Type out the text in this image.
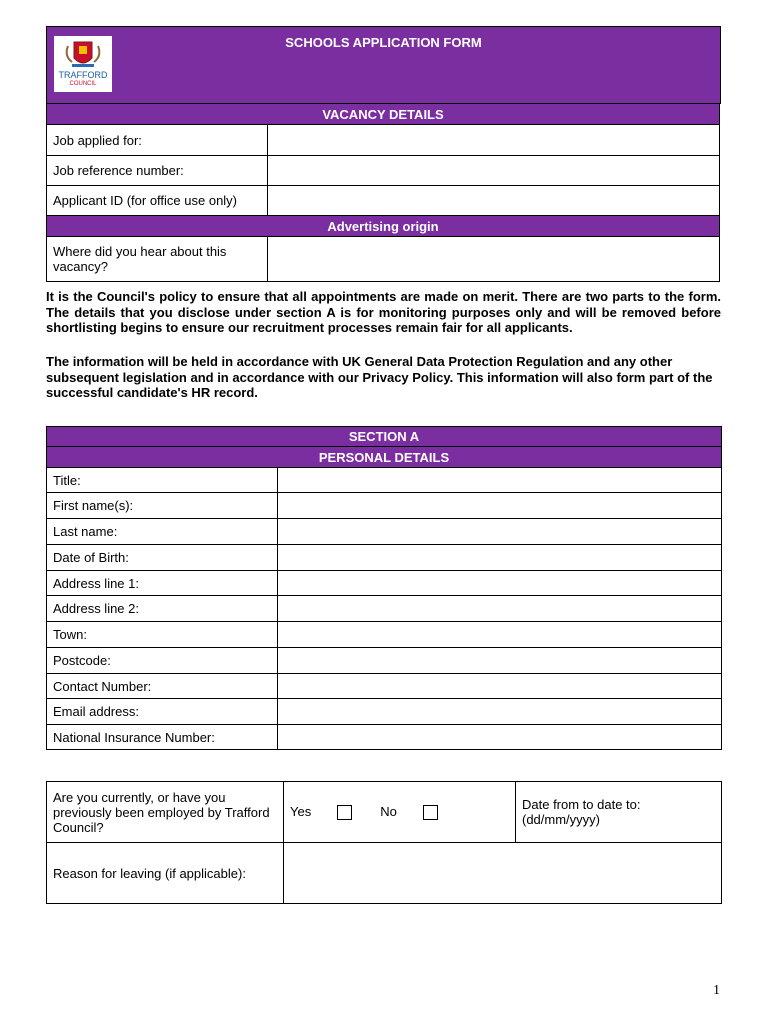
TRAFFORD
COUNCIL
SCHOOLS APPLICATION FORM
VACANCY DETAILS	
Job applied for:	
Job reference number:	
Applicant ID (for office use only)	
Advertising origin	
Where did you hear about this vacancy?	
It is the Council's policy to ensure that all appointments are made on merit. There are two parts to the form. The details that you disclose under section A is for monitoring purposes only and will be removed before shortlisting begins to ensure our recruitment processes remain fair for all applicants.
The information will be held in accordance with UK General Data Protection Regulation and any other subsequent legislation and in accordance with our Privacy Policy. This information will also form part of the successful candidate's HR record.
SECTION A	
PERSONAL DETAILS	
Title:	
First name(s):	
Last name:	
Date of Birth:	
Address line 1:	
Address line 2:	
Town:	
Postcode:	
Contact Number:	
Email address:	
National Insurance Number:	
Are you currently, or have you previously been employed by Trafford Council?	Yes No	Date from to date to: (dd/mm/yyyy)
Reason for leaving (if applicable):		
1
